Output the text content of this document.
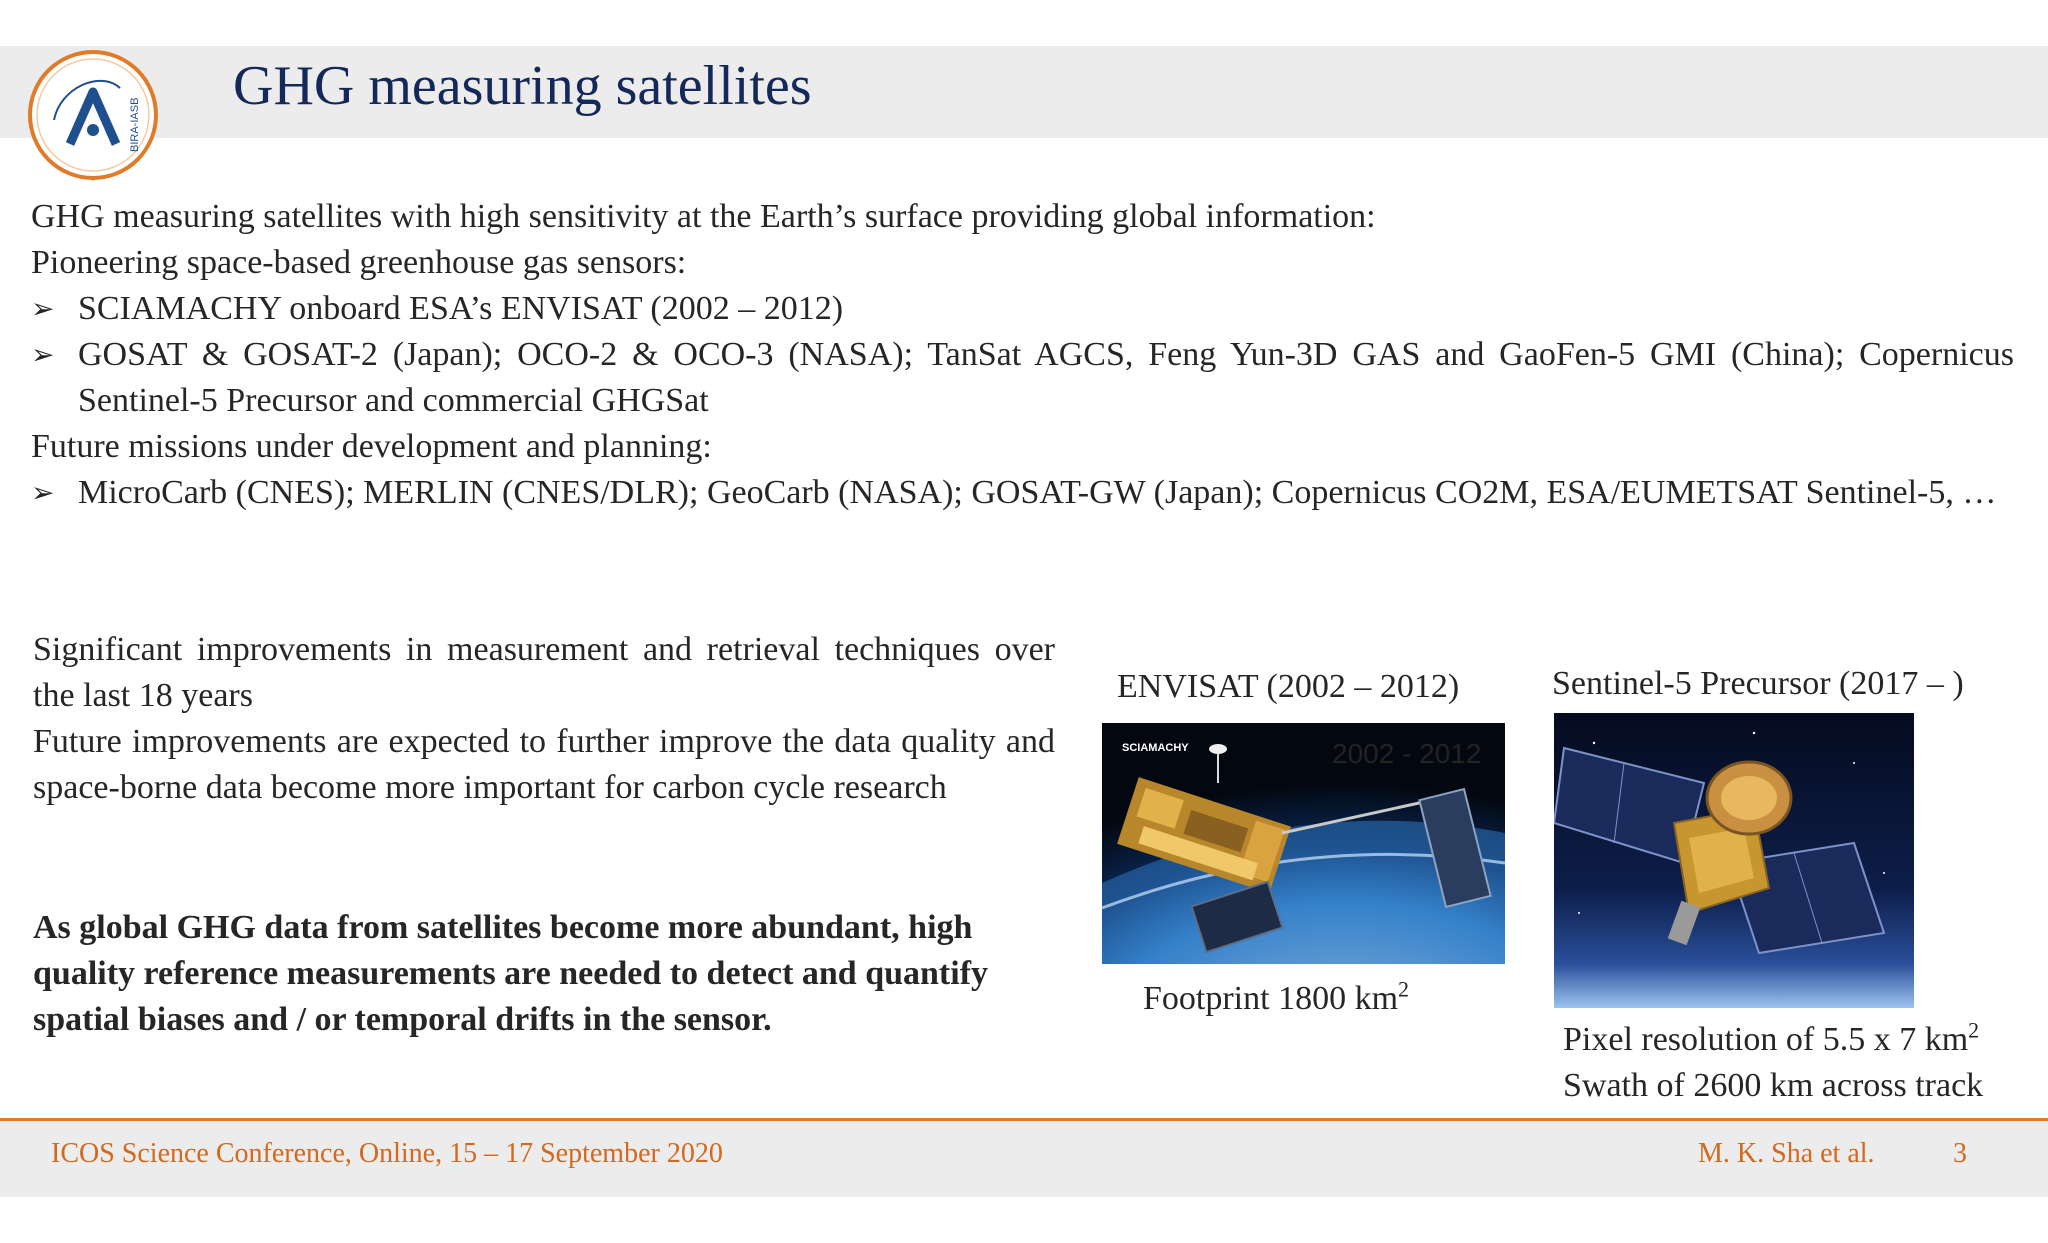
GHG measuring satellites
BIRA-IASB

GHG measuring satellites with high sensitivity at the Earth’s surface providing global information:

Pioneering space-based greenhouse gas sensors:

➢ SCIAMACHY onboard ESA’s ENVISAT (2002 – 2012)

➢ GOSAT & GOSAT-2 (Japan); OCO-2 & OCO-3 (NASA); TanSat AGCS, Feng Yun-3D GAS and GaoFen-5 GMI (China); Copernicus Sentinel-5 Precursor and commercial GHGSat

Future missions under development and planning:

➢ MicroCarb (CNES); MERLIN (CNES/DLR); GeoCarb (NASA); GOSAT-GW (Japan); Copernicus CO2M, ESA/EUMETSAT Sentinel-5, …

Significant improvements in measurement and retrieval techniques over the last 18 years

Future improvements are expected to further improve the data quality and space-borne data become more important for carbon cycle research

As global GHG data from satellites become more abundant, high quality reference measurements are needed to detect and quantify spatial biases and / or temporal drifts in the sensor.

ENVISAT (2002 – 2012)

SCIAMACHY	2002 - 2012

Footprint 1800 $km^2$

Sentinel-5 Precursor (2017 – )

Pixel resolution of 5.5 x 7 $km^2$

Swath of 2600 km across track

ICOS Science Conference, Online, 15 – 17 September 2020	M. K. Sha et al.	3
